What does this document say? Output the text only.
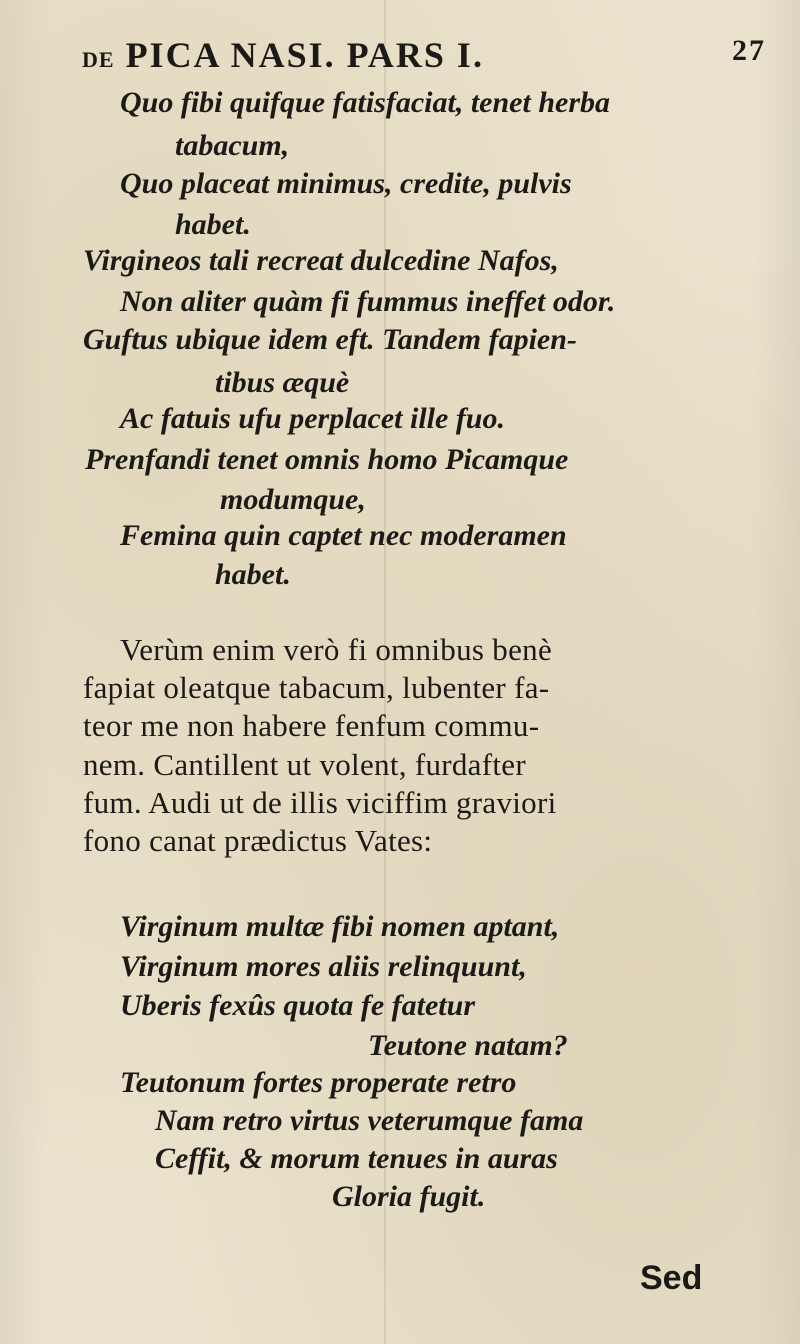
DE PICA NASI. PARS I.	27
Quo fibi quifque fatisfaciat, tenet herba
tabacum,
Quo placeat minimus, credite, pulvis
habet.
Virgineos tali recreat dulcedine Nafos,
Non aliter quàm fi fummus ineffet odor.
Guftus ubique idem eft. Tandem fapien-
tibus æquè
Ac fatuis ufu perplacet ille fuo.
Prenfandi tenet omnis homo Picamque
modumque,
Femina quin captet nec moderamen
habet.
Verùm enim verò fi omnibus benè
fapiat oleatque tabacum, lubenter fa-
teor me non habere fenfum commu-
nem. Cantillent ut volent, furdafter
fum. Audi ut de illis viciffim graviori
fono canat prædictus Vates:
Virginum multæ fibi nomen aptant,
Virginum mores aliis relinquunt,
Uberis fexûs quota fe fatetur
Teutone natam?
Teutonum fortes properate retro
Nam retro virtus veterumque fama
Ceffit, & morum tenues in auras
Gloria fugit.
Sed
